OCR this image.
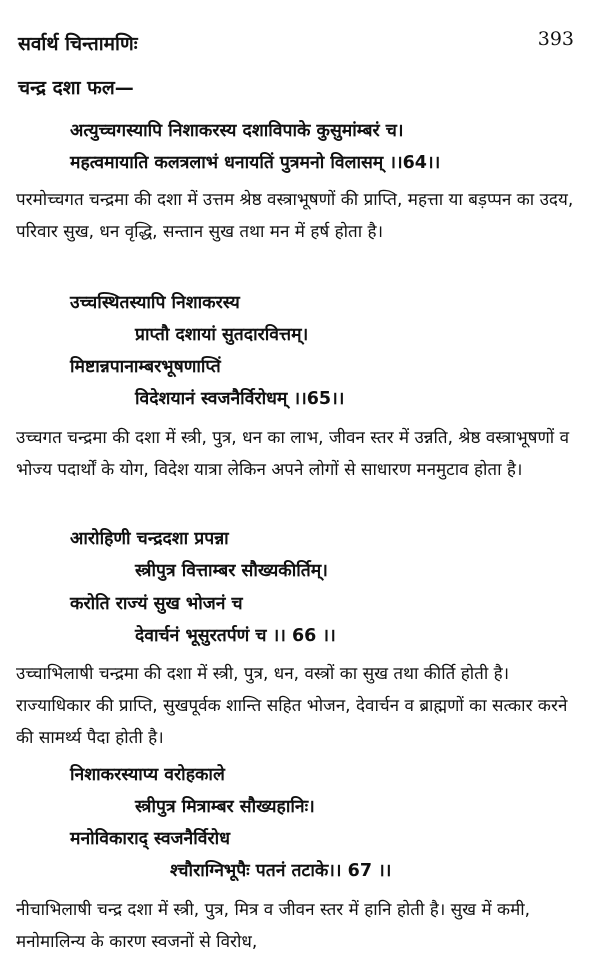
सर्वार्थ चिन्तामणिः	393
चन्द्र दशा फल—
अत्युच्चगस्यापि निशाकरस्य दशाविपाके कुसुमांम्बरं च।
महत्वमायाति कलत्रलाभं धनायतिं पुत्रमनो विलासम् ।।64।।
परमोच्चगत चन्द्रमा की दशा में उत्तम श्रेष्ठ वस्त्राभूषणों की प्राप्ति, महत्ता या बड़प्पन का उदय, परिवार सुख, धन वृद्धि, सन्तान सुख तथा मन में हर्ष होता है।
उच्चस्थितस्यापि निशाकरस्य
प्राप्तौ दशायां सुतदारवित्तम्।
मिष्टान्नपानाम्बरभूषणाप्तिं
विदेशयानं स्वजनैर्विरोधम् ।।65।।
उच्चगत चन्द्रमा की दशा में स्त्री, पुत्र, धन का लाभ, जीवन स्तर में उन्नति, श्रेष्ठ वस्त्राभूषणों व भोज्य पदार्थों के योग, विदेश यात्रा लेकिन अपने लोगों से साधारण मनमुटाव होता है।
आरोहिणी चन्द्रदशा प्रपन्ना
स्त्रीपुत्र वित्ताम्बर सौख्यकीर्तिम्।
करोति राज्यं सुख भोजनं च
देवार्चनं भूसुरतर्पणं च ।। 66 ।।
उच्चाभिलाषी चन्द्रमा की दशा में स्त्री, पुत्र, धन, वस्त्रों का सुख तथा कीर्ति होती है। राज्याधिकार की प्राप्ति, सुखपूर्वक शान्ति सहित भोजन, देवार्चन व ब्राह्मणों का सत्कार करने की सामर्थ्य पैदा होती है।
निशाकरस्याप्य वरोहकाले
स्त्रीपुत्र मित्राम्बर सौख्यहानिः।
मनोविकाराद् स्वजनैर्विरोध
श्चौराग्निभूपैः पतनं तटाके।। 67 ।।
नीचाभिलाषी चन्द्र दशा में स्त्री, पुत्र, मित्र व जीवन स्तर में हानि होती है। सुख में कमी, मनोमालिन्य के कारण स्वजनों से विरोध,
